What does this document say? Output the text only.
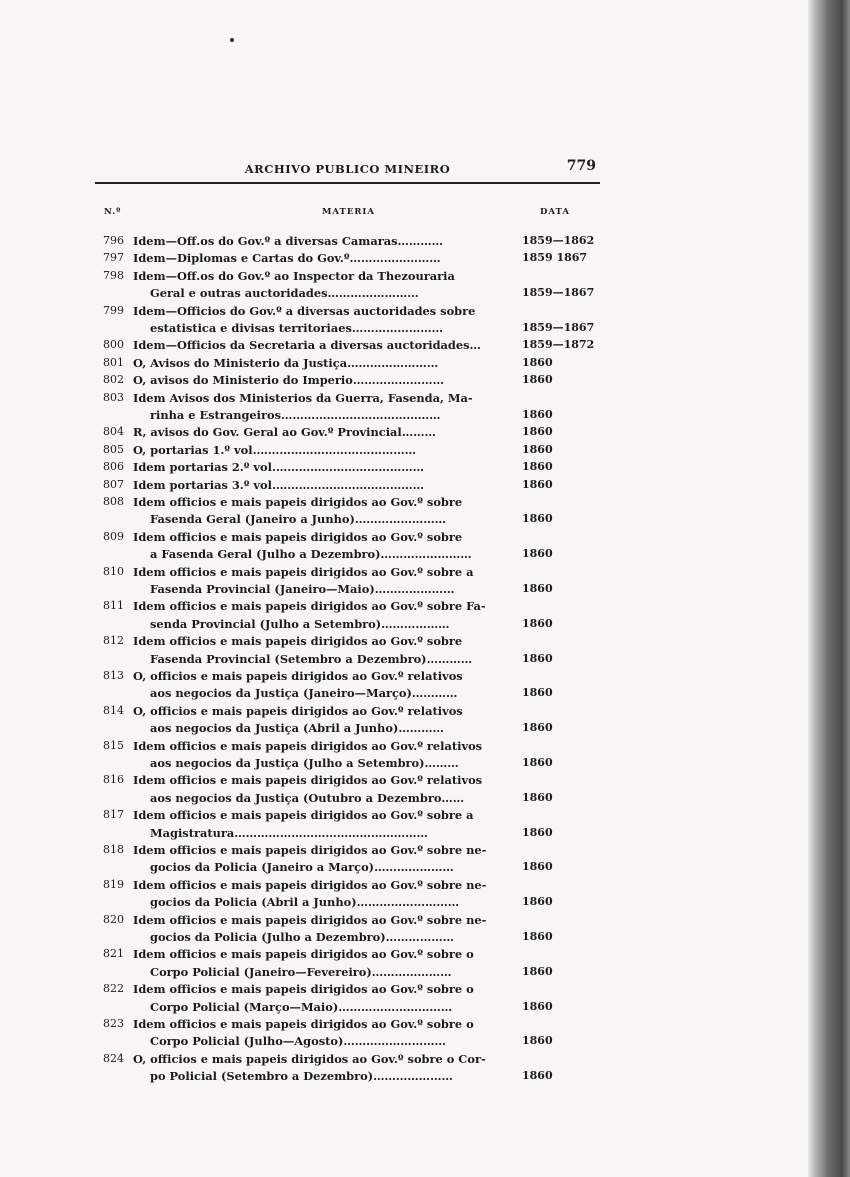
ARCHIVO PUBLICO MINEIRO	779
N.º	MATERIA	DATA
796 Idem—Off.os do Gov.º a diversas Camaras…………	1859—1862
797 Idem—Diplomas e Cartas do Gov.º……………………	1859 1867
798 Idem—Off.os do Gov.º ao Inspector da Thezouraria
Geral e outras auctoridades……………………	1859—1867
799 Idem—Officios do Gov.º a diversas auctoridades sobre
estatistica e divisas territoriaes……………………	1859—1867
800 Idem—Officios da Secretaria a diversas auctoridades…	1859—1872
801 O, Avisos do Ministerio da Justiça……………………	1860
802 O, avisos do Ministerio do Imperio……………………	1860
803 Idem Avisos dos Ministerios da Guerra, Fasenda, Ma-
rinha e Estrangeiros……………………………………	1860
804 R, avisos do Gov. Geral ao Gov.º Provincial………	1860
805 O, portarias 1.º vol.……………………………………	1860
806 Idem portarias 2.º vol.…………………………………	1860
807 Idem portarias 3.º vol.…………………………………	1860
808 Idem officios e mais papeis dirigidos ao Gov.º sobre
Fasenda Geral (Janeiro a Junho)……………………	1860
809 Idem officios e mais papeis dirigidos ao Gov.º sobre
a Fasenda Geral (Julho a Dezembro)……………………	1860
810 Idem officios e mais papeis dirigidos ao Gov.º sobre a
Fasenda Provincial (Janeiro—Maio)…………………	1860
811 Idem officios e mais papeis dirigidos ao Gov.º sobre Fa-
senda Provincial (Julho a Setembro)………………	1860
812 Idem officios e mais papeis dirigidos ao Gov.º sobre
Fasenda Provincial (Setembro a Dezembro)…………	1860
813 O, officios e mais papeis dirigidos ao Gov.º relativos
aos negocios da Justiça (Janeiro—Março)…………	1860
814 O, officios e mais papeis dirigidos ao Gov.º relativos
aos negocios da Justiça (Abril a Junho)…………	1860
815 Idem officios e mais papeis dirigidos ao Gov.º relativos
aos negocios da Justiça (Julho a Setembro)………	1860
816 Idem officios e mais papeis dirigidos ao Gov.º relativos
aos negocios da Justiça (Outubro a Dezembro……	1860
817 Idem officios e mais papeis dirigidos ao Gov.º sobre a
Magistratura……………………………………………	1860
818 Idem officios e mais papeis dirigidos ao Gov.º sobre ne-
gocios da Policia (Janeiro a Março)…………………	1860
819 Idem officios e mais papeis dirigidos ao Gov.º sobre ne-
gocios da Policia (Abril a Junho)………………………	1860
820 Idem officios e mais papeis dirigidos ao Gov.º sobre ne-
gocios da Policia (Julho a Dezembro)………………	1860
821 Idem officios e mais papeis dirigidos ao Gov.º sobre o
Corpo Policial (Janeiro—Fevereiro)…………………	1860
822 Idem officios e mais papeis dirigidos ao Gov.º sobre o
Corpo Policial (Março—Maio)…………………………	1860
823 Idem officios e mais papeis dirigidos ao Gov.º sobre o
Corpo Policial (Julho—Agosto)………………………	1860
824 O, officios e mais papeis dirigidos ao Gov.º sobre o Cor-
po Policial (Setembro a Dezembro)…………………	1860
